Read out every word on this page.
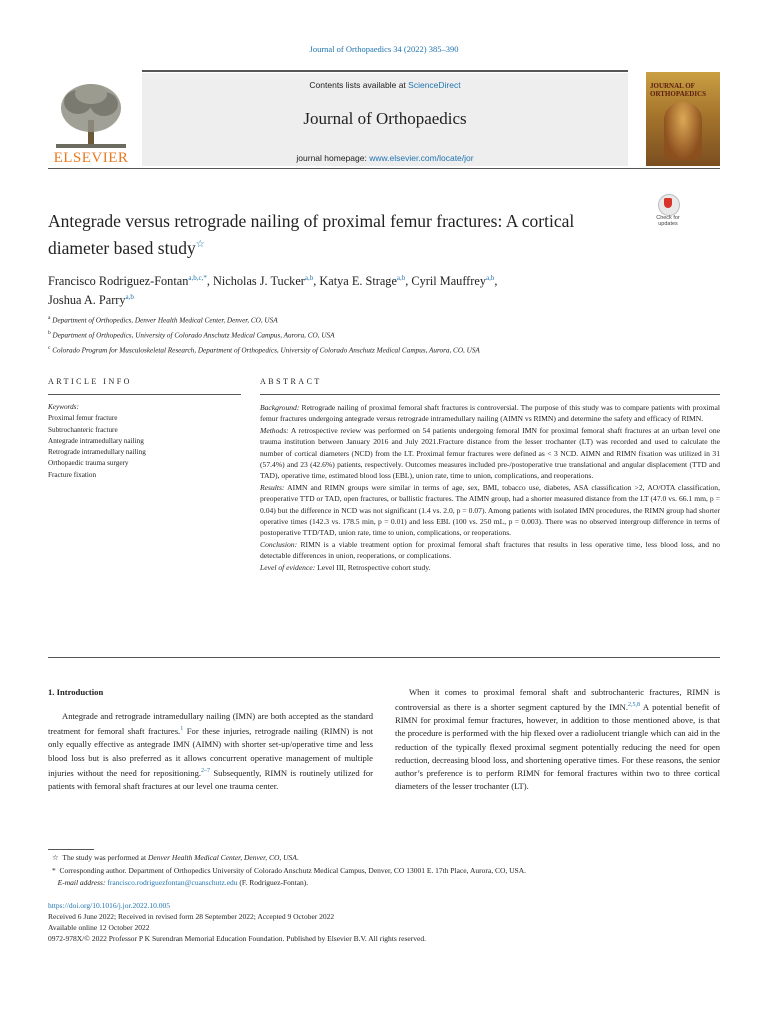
Journal of Orthopaedics 34 (2022) 385–390
ELSEVIER
Contents lists available at ScienceDirect
Journal of Orthopaedics
journal homepage: www.elsevier.com/locate/jor
JOURNAL OF ORTHOPAEDICS
Antegrade versus retrograde nailing of proximal femur fractures: A cortical diameter based study☆
Check for updates
Francisco Rodriguez-Fontan$^{a,b,c,*}$, Nicholas J. Tucker$^{a,b}$, Katya E. Strage$^{a,b}$, Cyril Mauffrey$^{a,b}$,
Joshua A. Parry$^{a,b}$
$^a$ Department of Orthopedics, Denver Health Medical Center, Denver, CO, USA
$^b$ Department of Orthopedics, University of Colorado Anschutz Medical Campus, Aurora, CO, USA
$^c$ Colorado Program for Musculoskeletal Research, Department of Orthopedics, University of Colorado Anschutz Medical Campus, Aurora, CO, USA
ARTICLE INFO	ABSTRACT
Keywords:
Proximal femur fracture
Subtrochanteric fracture
Antegrade intramedullary nailing
Retrograde intramedullary nailing
Orthopaedic trauma surgery
Fracture fixation

Background: Retrograde nailing of proximal femoral shaft fractures is controversial. The purpose of this study was to compare patients with proximal femur fractures undergoing antegrade versus retrograde intramedullary nailing (AIMN vs RIMN) and determine the safety and efficacy of RIMN.

Methods: A retrospective review was performed on 54 patients undergoing femoral IMN for proximal femoral shaft fractures at an urban level one trauma institution between January 2016 and July 2021.Fracture distance from the lesser trochanter (LT) was recorded and used to calculate the number of cortical diameters (NCD) from the LT. Proximal femur fractures were defined as < 3 NCD. AIMN and RIMN fixation was utilized in 31 (57.4%) and 23 (42.6%) patients, respectively. Outcomes measures included pre-/postoperative true translational and angular displacement (TTD and TAD), operative time, estimated blood loss (EBL), union rate, time to union, complications, and reoperations.

Results: AIMN and RIMN groups were similar in terms of age, sex, BMI, tobacco use, diabetes, ASA classification >2, AO/OTA classification, preoperative TTD or TAD, open fractures, or ballistic fractures. The AIMN group, had a shorter measured distance from the LT (47.0 vs. 66.1 mm, p = 0.04) but the difference in NCD was not significant (1.4 vs. 2.0, p = 0.07). Among patients with isolated IMN procedures, the RIMN group had shorter operative times (142.3 vs. 178.5 min, p = 0.01) and less EBL (100 vs. 250 mL, p = 0.003). There was no observed intergroup difference in terms of postoperative TTD/TAD, union rate, time to union, complications, or reoperations.

Conclusion: RIMN is a viable treatment option for proximal femoral shaft fractures that results in less operative time, less blood loss, and no detectable differences in union, reoperations, or complications.

Level of evidence: Level III, Retrospective cohort study.

1. Introduction

Antegrade and retrograde intramedullary nailing (IMN) are both accepted as the standard treatment for femoral shaft fractures.$^1$ For these injuries, retrograde nailing (RIMN) is not only equally effective as antegrade IMN (AIMN) with shorter set-up/operative time and less blood loss but is also preferred as it allows concurrent operative management of multiple injuries without the need for repositioning.$^{2-7}$ Subsequently, RIMN is routinely utilized for patients with femoral shaft fractures at our level one trauma center.

When it comes to proximal femoral shaft and subtrochanteric fractures, RIMN is controversial as there is a shorter segment captured by the IMN.$^{2,5,8}$ A potential benefit of RIMN for proximal femur fractures, however, in addition to those mentioned above, is that the procedure is performed with the hip flexed over a radiolucent triangle which can aid in the reduction of the typically flexed proximal segment potentially reducing the need for open reduction, decreasing blood loss, and shortening operative times. For these reasons, the senior author’s preference is to perform RIMN for femoral fractures within two to three cortical diameters of the lesser trochanter (LT).

☆ The study was performed at Denver Health Medical Center, Denver, CO, USA.
* Corresponding author. Department of Orthopedics University of Colorado Anschutz Medical Campus, Denver, CO 13001 E. 17th Place, Aurora, CO, USA.
E-mail address: francisco.rodriguezfontan@cuanschutz.edu (F. Rodriguez-Fontan).
https://doi.org/10.1016/j.jor.2022.10.005
Received 6 June 2022; Received in revised form 28 September 2022; Accepted 9 October 2022
Available online 12 October 2022
0972-978X/© 2022 Professor P K Surendran Memorial Education Foundation. Published by Elsevier B.V. All rights reserved.
